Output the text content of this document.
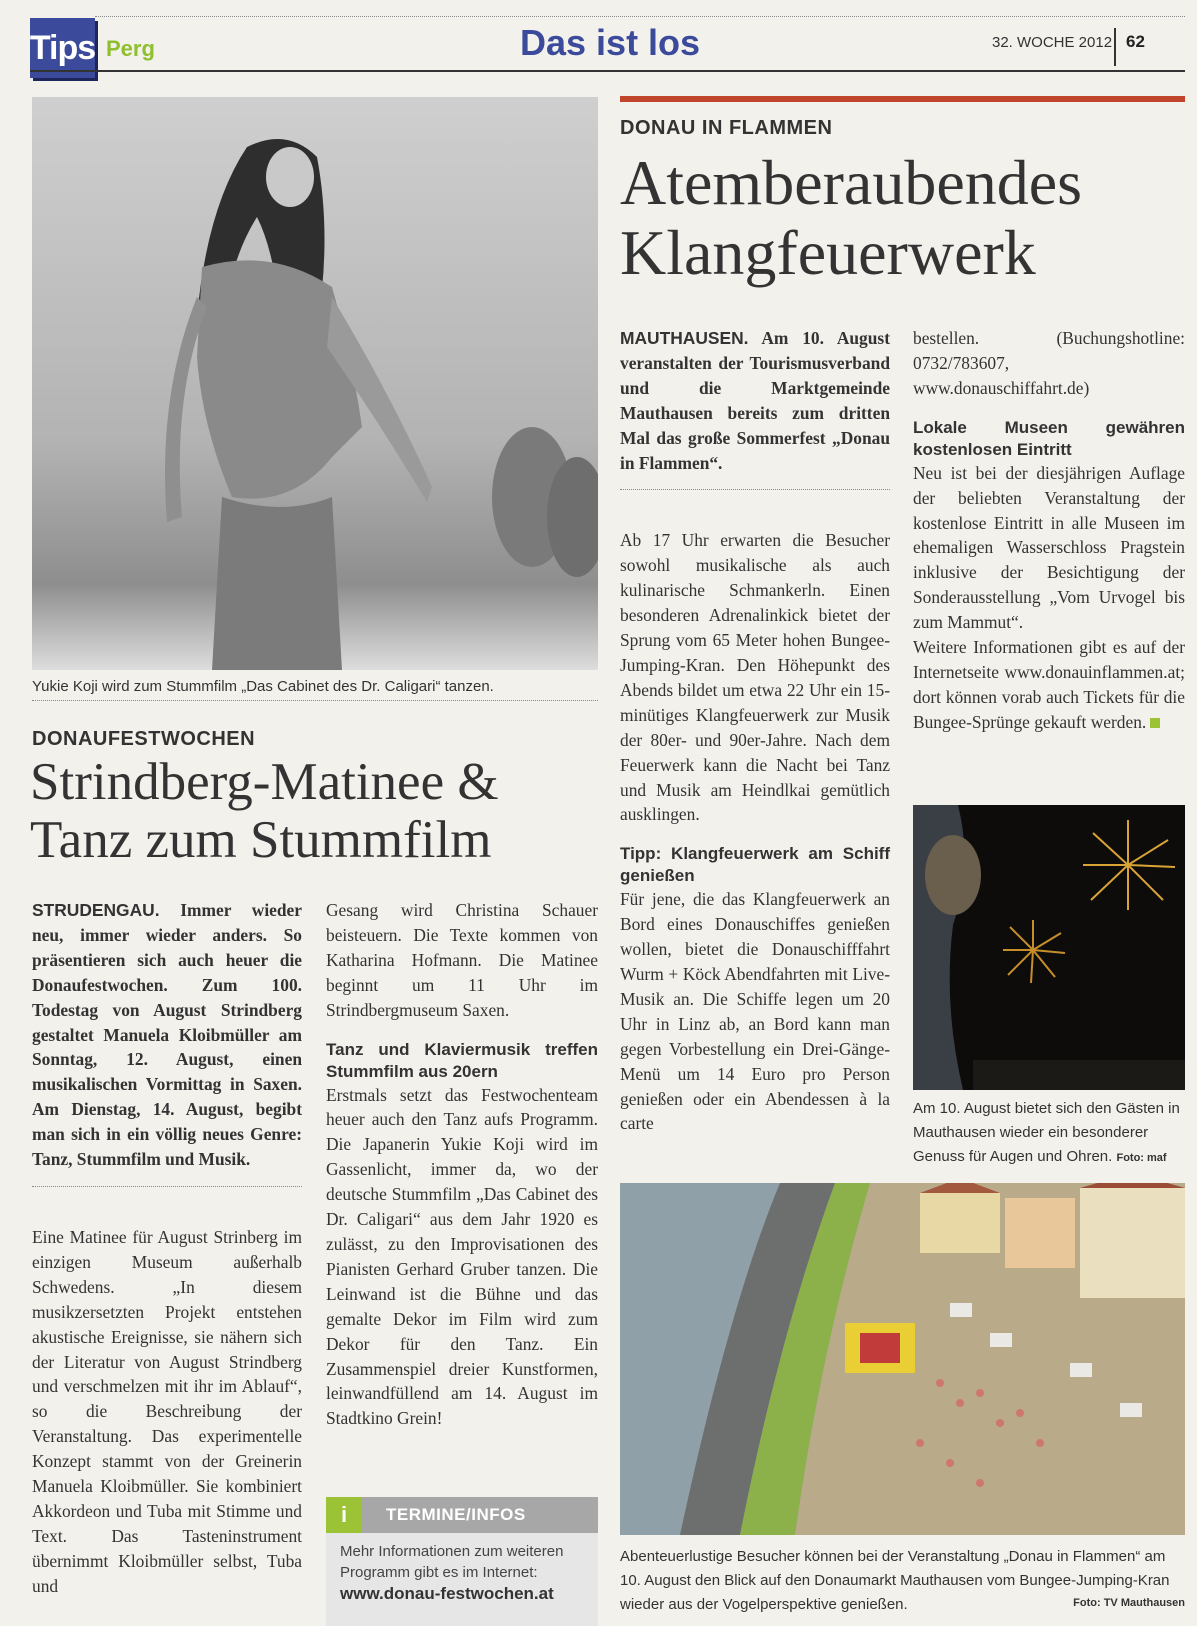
Tips Perg	Das ist los	32. WOCHE 2012 62
Yukie Koji wird zum Stummfilm „Das Cabinet des Dr. Caligari“ tanzen.
DONAUFESTWOCHEN
Strindberg-Matinee &
Tanz zum Stummfilm

STRUDENGAU. Immer wieder neu, immer wieder anders. So präsentieren sich auch heuer die Donaufestwochen. Zum 100. Todestag von August Strindberg gestaltet Manuela Kloibmüller am Sonntag, 12. August, einen musikalischen Vormittag in Saxen. Am Dienstag, 14. August, begibt man sich in ein völlig neues Genre: Tanz, Stummfilm und Musik.

Eine Matinee für August Strinberg im einzigen Museum außerhalb Schwedens. „In diesem musikzersetzten Projekt entstehen akustische Ereignisse, sie nähern sich der Literatur von August Strindberg und verschmelzen mit ihr im Ablauf“, so die Beschreibung der Veranstaltung. Das experimentelle Konzept stammt von der Greinerin Manuela Kloibmüller. Sie kombiniert Akkordeon und Tuba mit Stimme und Text. Das Tasteninstrument übernimmt Kloibmüller selbst, Tuba und

Gesang wird Christina Schauer beisteuern. Die Texte kommen von Katharina Hofmann. Die Matinee beginnt um 11 Uhr im Strindbergmuseum Saxen.

Tanz und Klaviermusik treffen Stummfilm aus 20ern

Erstmals setzt das Festwochenteam heuer auch den Tanz aufs Programm. Die Japanerin Yukie Koji wird im Gassenlicht, immer da, wo der deutsche Stummfilm „Das Cabinet des Dr. Caligari“ aus dem Jahr 1920 es zulässt, zu den Improvisationen des Pianisten Gerhard Gruber tanzen. Die Leinwand ist die Bühne und das gemalte Dekor im Film wird zum Dekor für den Tanz. Ein Zusammenspiel dreier Kunstformen, leinwandfüllend am 14. August im Stadtkino Grein!

i	TERMINE/INFOS
Mehr Informationen zum weiteren Programm gibt es im Internet:
www.donau-festwochen.at
DONAU IN FLAMMEN
Atemberaubendes
Klangfeuerwerk

MAUTHAUSEN. Am 10. August veranstalten der Tourismusverband und die Marktgemeinde Mauthausen bereits zum dritten Mal das große Sommerfest „Donau in Flammen“.

Ab 17 Uhr erwarten die Besucher sowohl musikalische als auch kulinarische Schmankerln. Einen besonderen Adrenalinkick bietet der Sprung vom 65 Meter hohen Bungee-Jumping-Kran. Den Höhepunkt des Abends bildet um etwa 22 Uhr ein 15-minütiges Klangfeuerwerk zur Musik der 80er- und 90er-Jahre. Nach dem Feuerwerk kann die Nacht bei Tanz und Musik am Heindlkai gemütlich ausklingen.

Tipp: Klangfeuerwerk am Schiff genießen

Für jene, die das Klangfeuerwerk an Bord eines Donauschiffes genießen wollen, bietet die Donauschifffahrt Wurm + Köck Abendfahrten mit Live-Musik an. Die Schiffe legen um 20 Uhr in Linz ab, an Bord kann man gegen Vorbestellung ein Drei-Gänge-Menü um 14 Euro pro Person genießen oder ein Abendessen à la carte

bestellen. (Buchungshotline: 0732/783607, www.donauschiffahrt.de)

Lokale Museen gewähren kostenlosen Eintritt

Neu ist bei der diesjährigen Auflage der beliebten Veranstaltung der kostenlose Eintritt in alle Museen im ehemaligen Wasserschloss Pragstein inklusive der Besichtigung der Sonderausstellung „Vom Urvogel bis zum Mammut“.

Weitere Informationen gibt es auf der Internetseite www.donauinflammen.at; dort können vorab auch Tickets für die Bungee-Sprünge gekauft werden.

Am 10. August bietet sich den Gästen in Mauthausen wieder ein besonderer Genuss für Augen und Ohren. Foto: maf
Abenteuerlustige Besucher können bei der Veranstaltung „Donau in Flammen“ am 10. August den Blick auf den Donaumarkt Mauthausen vom Bungee-Jumping-Kran wieder aus der Vogelperspektive genießen.	Foto: TV Mauthausen
